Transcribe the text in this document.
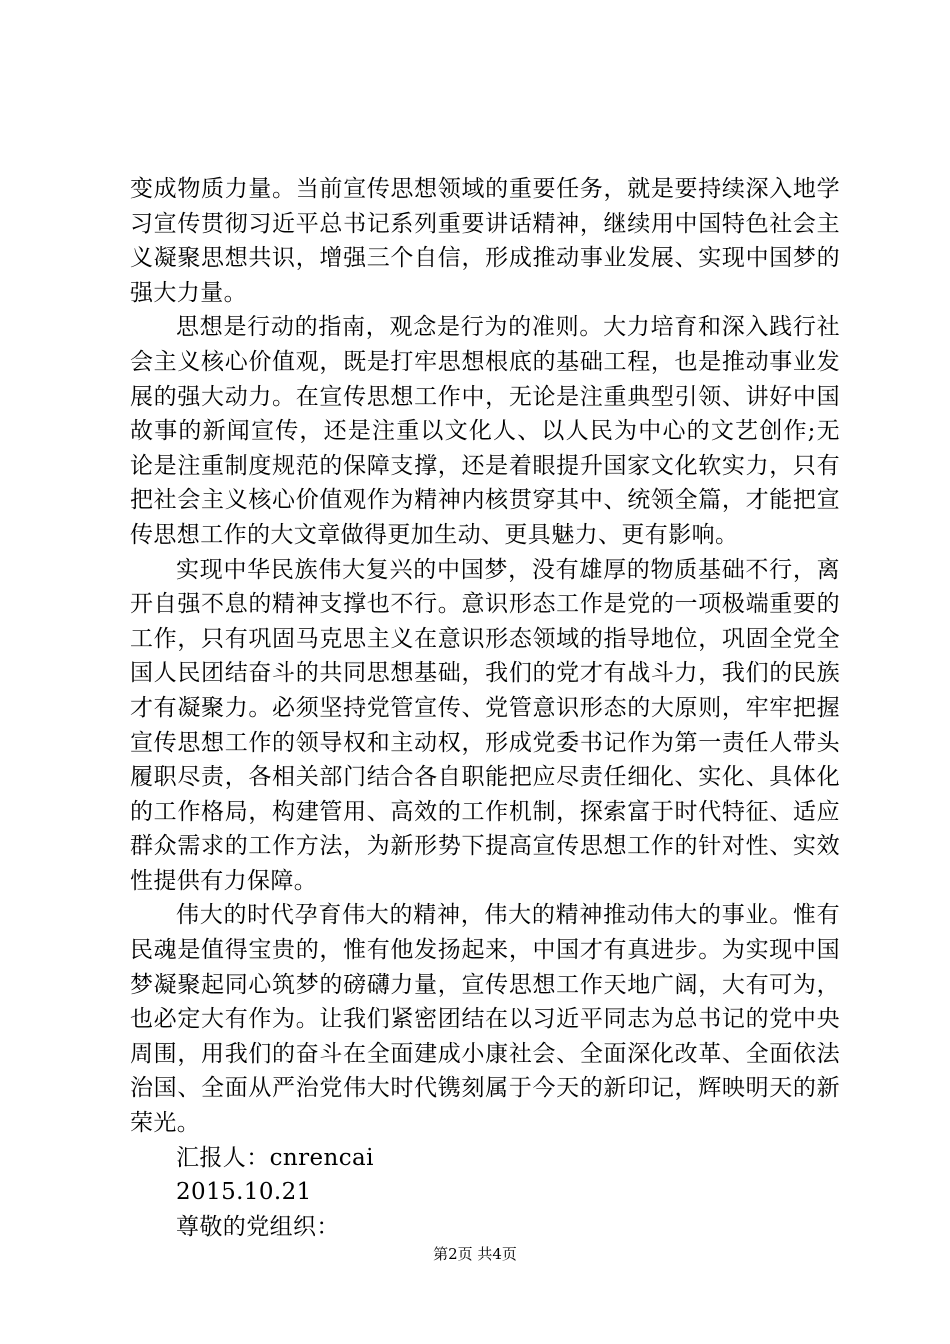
变成物质力量。当前宣传思想领域的重要任务，就是要持续深入地学习宣传贯彻习近平总书记系列重要讲话精神，继续用中国特色社会主义凝聚思想共识，增强三个自信，形成推动事业发展、实现中国梦的强大力量。

思想是行动的指南，观念是行为的准则。大力培育和深入践行社会主义核心价值观，既是打牢思想根底的基础工程，也是推动事业发展的强大动力。在宣传思想工作中，无论是注重典型引领、讲好中国故事的新闻宣传，还是注重以文化人、以人民为中心的文艺创作;无论是注重制度规范的保障支撑，还是着眼提升国家文化软实力，只有把社会主义核心价值观作为精神内核贯穿其中、统领全篇，才能把宣传思想工作的大文章做得更加生动、更具魅力、更有影响。

实现中华民族伟大复兴的中国梦，没有雄厚的物质基础不行，离开自强不息的精神支撑也不行。意识形态工作是党的一项极端重要的工作，只有巩固马克思主义在意识形态领域的指导地位，巩固全党全国人民团结奋斗的共同思想基础，我们的党才有战斗力，我们的民族才有凝聚力。必须坚持党管宣传、党管意识形态的大原则，牢牢把握宣传思想工作的领导权和主动权，形成党委书记作为第一责任人带头履职尽责，各相关部门结合各自职能把应尽责任细化、实化、具体化的工作格局，构建管用、高效的工作机制，探索富于时代特征、适应群众需求的工作方法，为新形势下提高宣传思想工作的针对性、实效性提供有力保障。

伟大的时代孕育伟大的精神，伟大的精神推动伟大的事业。惟有民魂是值得宝贵的，惟有他发扬起来，中国才有真进步。为实现中国梦凝聚起同心筑梦的磅礴力量，宣传思想工作天地广阔，大有可为，也必定大有作为。让我们紧密团结在以习近平同志为总书记的党中央周围，用我们的奋斗在全面建成小康社会、全面深化改革、全面依法治国、全面从严治党伟大时代镌刻属于今天的新印记，辉映明天的新荣光。

汇报人：cnrencai

2015.10.21

尊敬的党组织：

第2页 共4页
